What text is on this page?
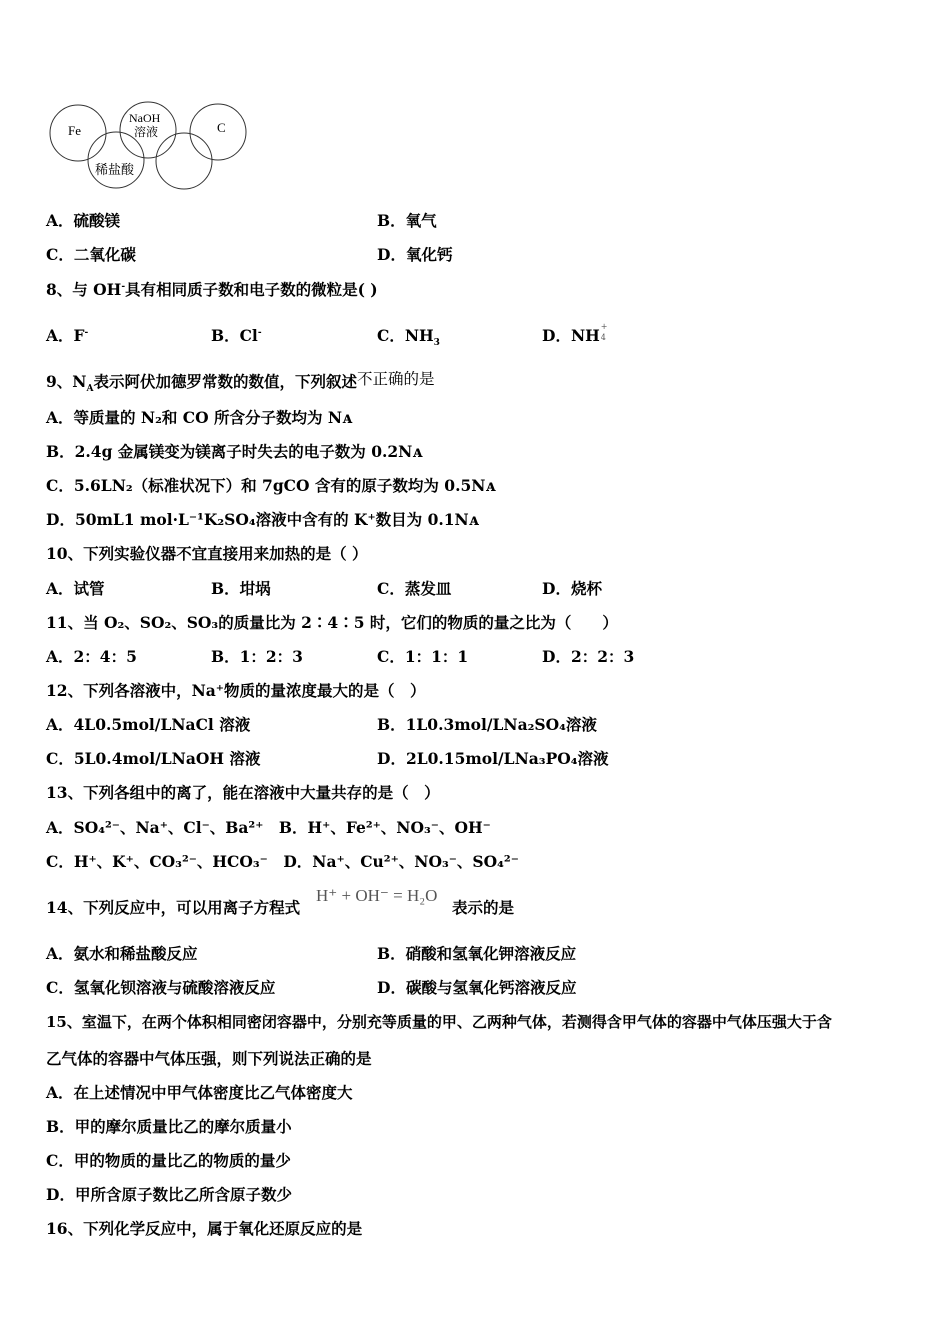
Fe
NaOH
溶液	C
稀盐酸
A．硫酸镁	B．氧气
C．二氧化碳	D．氧化钙
8、与 OH-具有相同质子数和电子数的微粒是( )
A．F-	B．Cl-	C．$NH_3$	D．NH +
4
9、$N_A$表示阿伏加德罗常数的数值，下列叙述不正确的是
A．等质量的 N₂和 CO 所含分子数均为 Nᴀ
B．2.4g 金属镁变为镁离子时失去的电子数为 0.2Nᴀ
C．5.6LN₂（标准状况下）和 7gCO 含有的原子数均为 0.5Nᴀ
D．50mL1 mol·L⁻¹K₂SO₄溶液中含有的 K⁺数目为 0.1Nᴀ
10、下列实验仪器不宜直接用来加热的是（ ）
A．试管	B．坩埚	C．蒸发皿	D．烧杯
11、当 O₂、SO₂、SO₃的质量比为 2∶4∶5 时，它们的物质的量之比为（　　）
A．2：4：5	B．1：2：3	C．1：1：1	D．2：2：3
12、下列各溶液中，Na⁺物质的量浓度最大的是（　）
A．4L0.5mol/LNaCl 溶液	B．1L0.3mol/LNa₂SO₄溶液
C．5L0.4mol/LNaOH 溶液	D．2L0.15mol/LNa₃PO₄溶液
13、下列各组中的离了，能在溶液中大量共存的是（　）
A．SO₄²⁻、Na⁺、Cl⁻、Ba²⁺　B．H⁺、Fe²⁺、NO₃⁻、OH⁻
C．H⁺、K⁺、CO₃²⁻、HCO₃⁻　D．Na⁺、Cu²⁺、NO₃⁻、SO₄²⁻
14、下列反应中，可以用离子方程式
H⁺ + OH⁻ = H₂O
表示的是
A．氨水和稀盐酸反应	B．硝酸和氢氧化钾溶液反应
C．氢氧化钡溶液与硫酸溶液反应	D．碳酸与氢氧化钙溶液反应
15、室温下，在两个体积相同密闭容器中，分别充等质量的甲、乙两种气体，若测得含甲气体的容器中气体压强大于含
乙气体的容器中气体压强，则下列说法正确的是
A．在上述情况中甲气体密度比乙气体密度大
B．甲的摩尔质量比乙的摩尔质量小
C．甲的物质的量比乙的物质的量少
D．甲所含原子数比乙所含原子数少
16、下列化学反应中，属于氧化还原反应的是
